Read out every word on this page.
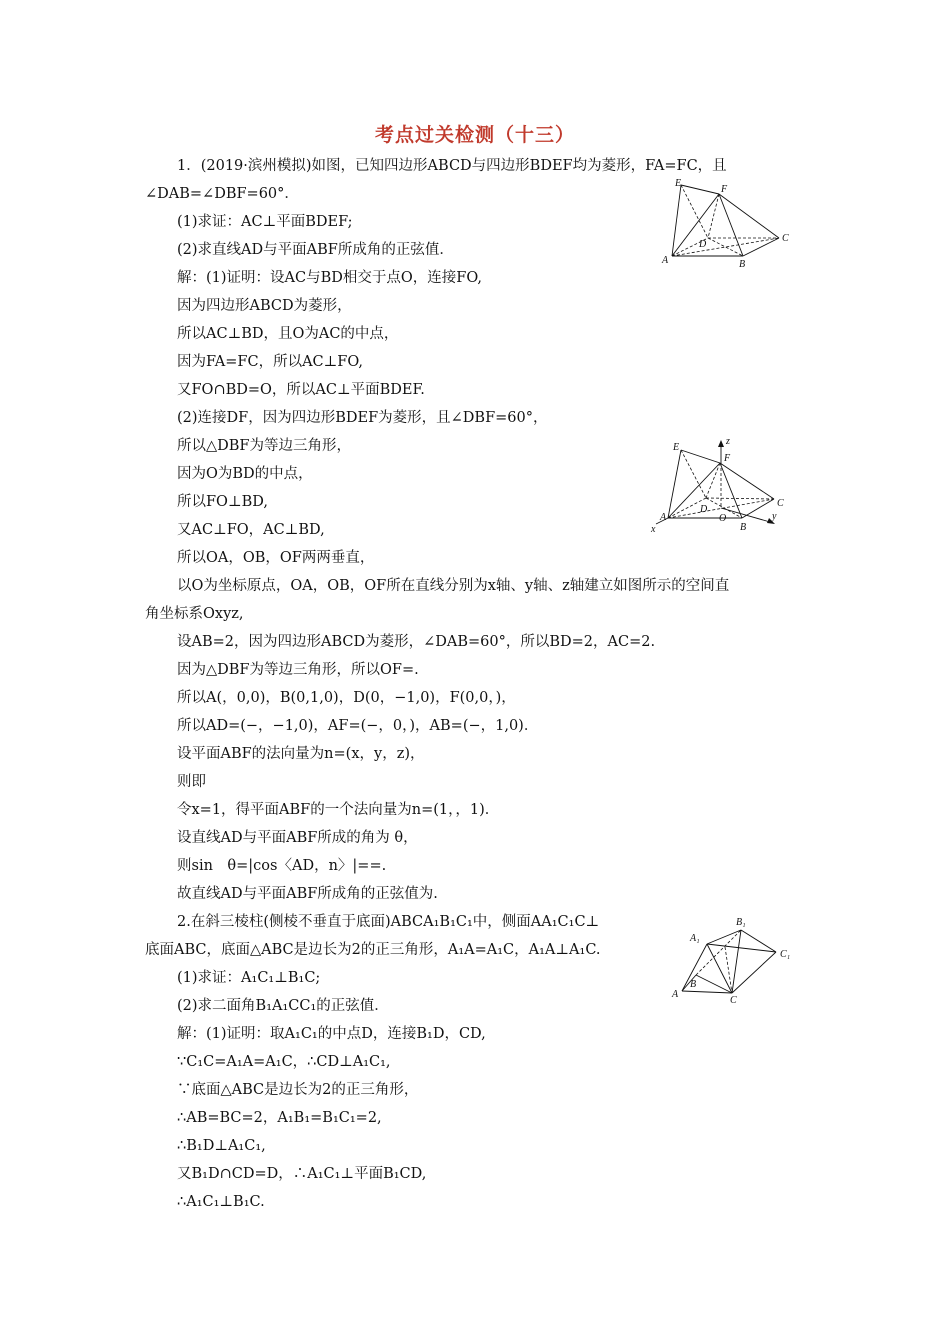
考点过关检测（十三）
1．(2019·滨州模拟)如图，已知四边形ABCD与四边形BDEF均为菱形，FA=FC，且
∠DAB=∠DBF=60°．
(1)求证：AC⊥平面BDEF;
(2)求直线AD与平面ABF所成角的正弦值．
解：(1)证明：设AC与BD相交于点O，连接FO,
因为四边形ABCD为菱形，
所以AC⊥BD，且O为AC的中点，
因为FA=FC，所以AC⊥FO,
又FO∩BD=O，所以AC⊥平面BDEF.
(2)连接DF，因为四边形BDEF为菱形，且∠DBF=60°，
所以△DBF为等边三角形，
因为O为BD的中点，
所以FO⊥BD,
又AC⊥FO，AC⊥BD,
所以OA，OB，OF两两垂直，
以O为坐标原点，OA，OB，OF所在直线分别为x轴、y轴、z轴建立如图所示的空间直
角坐标系Oxyz,
设AB=2，因为四边形ABCD为菱形，∠DAB=60°，所以BD=2，AC=2.
因为△DBF为等边三角形，所以OF=.
所以A(，0,0)，B(0,1,0)，D(0，−1,0)，F(0,0，)，
所以AD=(−，−1,0)，AF=(−，0，)，AB=(−，1,0)．
设平面ABF的法向量为n=(x，y，z)，
则即
令x=1，得平面ABF的一个法向量为n=(1，，1)．
设直线AD与平面ABF所成的角为 θ，
则sin　θ=|cos〈AD，n〉|==.
故直线AD与平面ABF所成角的正弦值为.
2.在斜三棱柱(侧棱不垂直于底面)ABCA₁B₁C₁中，侧面AA₁C₁C⊥
底面ABC，底面△ABC是边长为2的正三角形，A₁A=A₁C，A₁A⊥A₁C.
(1)求证：A₁C₁⊥B₁C;
(2)求二面角B₁A₁CC₁的正弦值．
解：(1)证明：取A₁C₁的中点D，连接B₁D，CD,
∵C₁C=A₁A=A₁C，∴CD⊥A₁C₁,
∵底面△ABC是边长为2的正三角形，
∴AB=BC=2，A₁B₁=B₁C₁=2,
∴B₁D⊥A₁C₁,
又B₁D∩CD=D，∴A₁C₁⊥平面B₁CD,
∴A₁C₁⊥B₁C.
E
F
C
D
A	B
z
E
F
C
D
O
A
B
x
y
B₁
A₁
C₁
A
B
C
